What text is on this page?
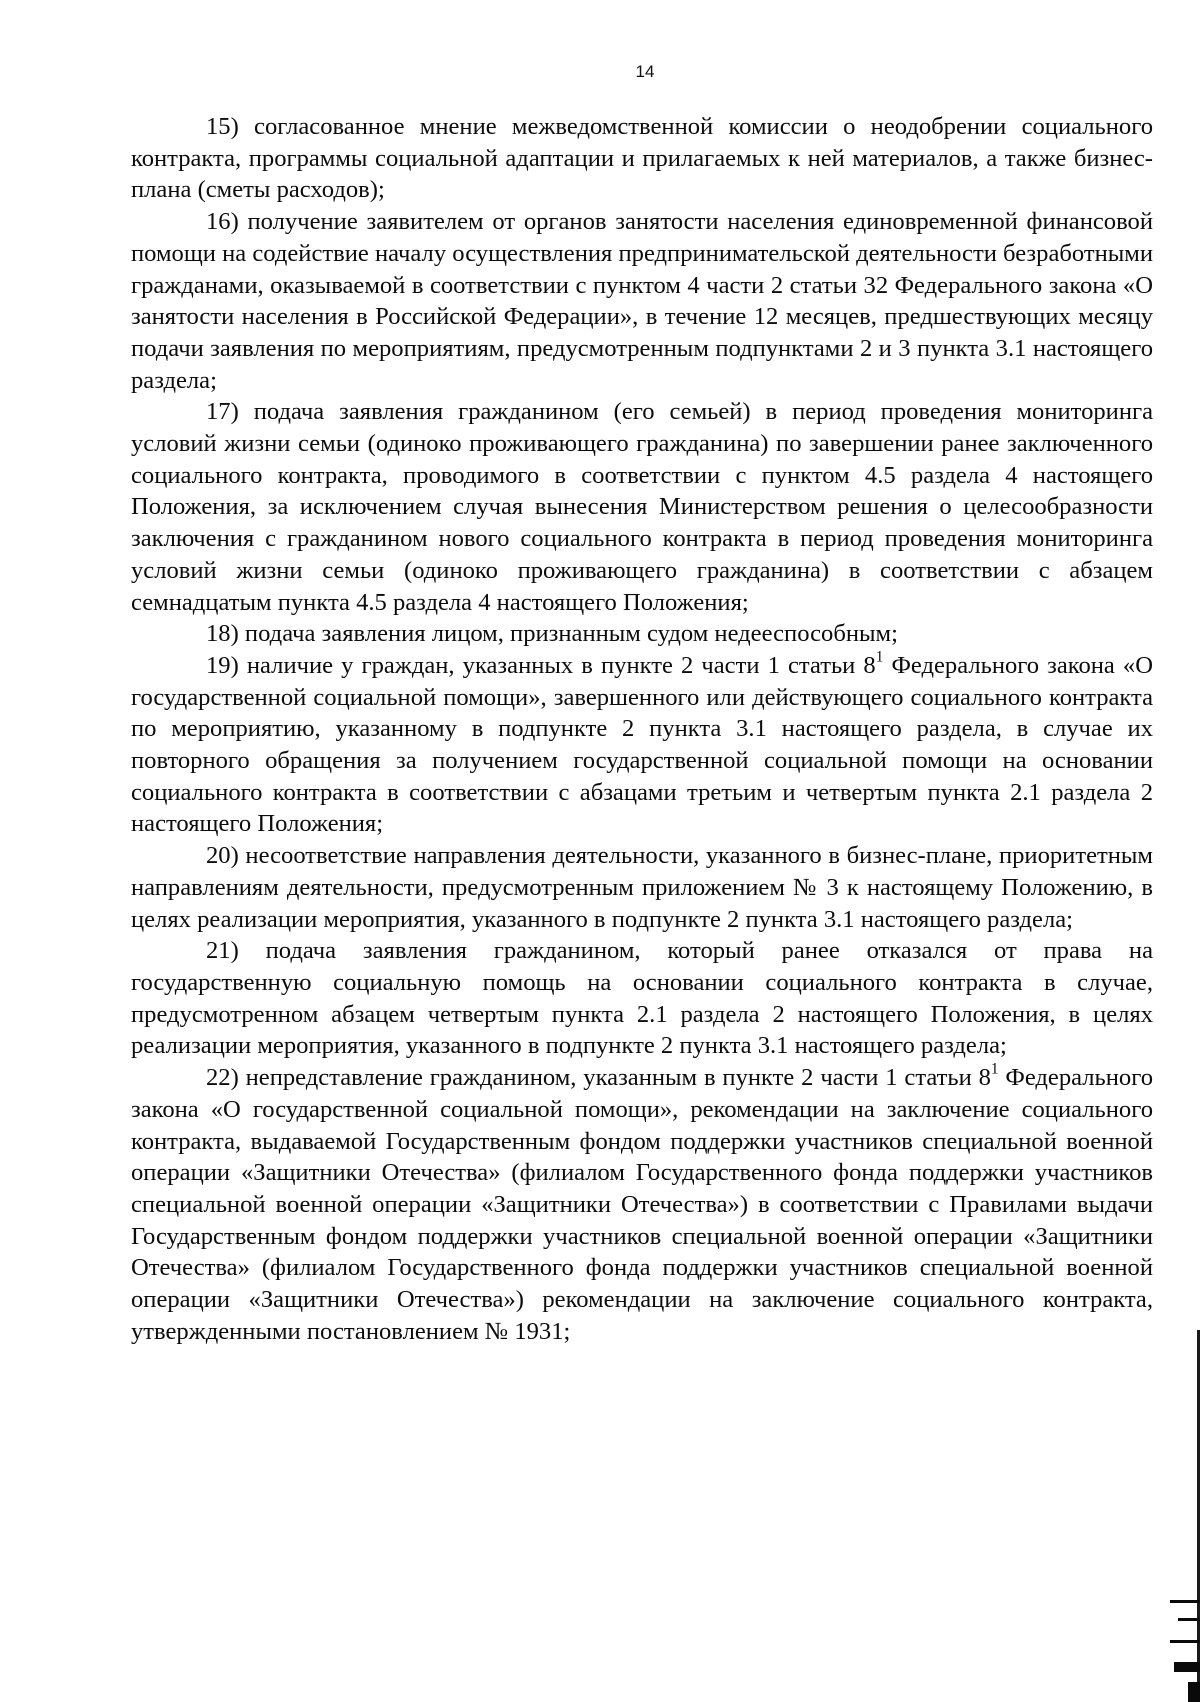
14

15) согласованное мнение межведомственной комиссии о неодобрении социального контракта, программы социальной адаптации и прилагаемых к ней материалов, а также бизнес-плана (сметы расходов);

16) получение заявителем от органов занятости населения единовременной финансовой помощи на содействие началу осуществления предпринимательской деятельности безработными гражданами, оказываемой в соответствии с пунктом 4 части 2 статьи 32 Федерального закона «О занятости населения в Российской Федерации», в течение 12 месяцев, предшествующих месяцу подачи заявления по мероприятиям, предусмотренным подпунктами 2 и 3 пункта 3.1 настоящего раздела;

17) подача заявления гражданином (его семьей) в период проведения мониторинга условий жизни семьи (одиноко проживающего гражданина) по завершении ранее заключенного социального контракта, проводимого в соответствии с пунктом 4.5 раздела 4 настоящего Положения, за исключением случая вынесения Министерством решения о целесообразности заключения с гражданином нового социального контракта в период проведения мониторинга условий жизни семьи (одиноко проживающего гражданина) в соответствии с абзацем семнадцатым пункта 4.5 раздела 4 настоящего Положения;

18) подача заявления лицом, признанным судом недееспособным;

19) наличие у граждан, указанных в пункте 2 части 1 статьи $8^1$ Федерального закона «О государственной социальной помощи», завершенного или действующего социального контракта по мероприятию, указанному в подпункте 2 пункта 3.1 настоящего раздела, в случае их повторного обращения за получением государственной социальной помощи на основании социального контракта в соответствии с абзацами третьим и четвертым пункта 2.1 раздела 2 настоящего Положения;

20) несоответствие направления деятельности, указанного в бизнес-плане, приоритетным направлениям деятельности, предусмотренным приложением № 3 к настоящему Положению, в целях реализации мероприятия, указанного в подпункте 2 пункта 3.1 настоящего раздела;

21) подача заявления гражданином, который ранее отказался от права на государственную социальную помощь на основании социального контракта в случае, предусмотренном абзацем четвертым пункта 2.1 раздела 2 настоящего Положения, в целях реализации мероприятия, указанного в подпункте 2 пункта 3.1 настоящего раздела;

22) непредставление гражданином, указанным в пункте 2 части 1 статьи $8^1$ Федерального закона «О государственной социальной помощи», рекомендации на заключение социального контракта, выдаваемой Государственным фондом поддержки участников специальной военной операции «Защитники Отечества» (филиалом Государственного фонда поддержки участников специальной военной операции «Защитники Отечества») в соответствии с Правилами выдачи Государственным фондом поддержки участников специальной военной операции «Защитники Отечества» (филиалом Государственного фонда поддержки участников специальной военной операции «Защитники Отечества») рекомендации на заключение социального контракта, утвержденными постановлением № 1931;
